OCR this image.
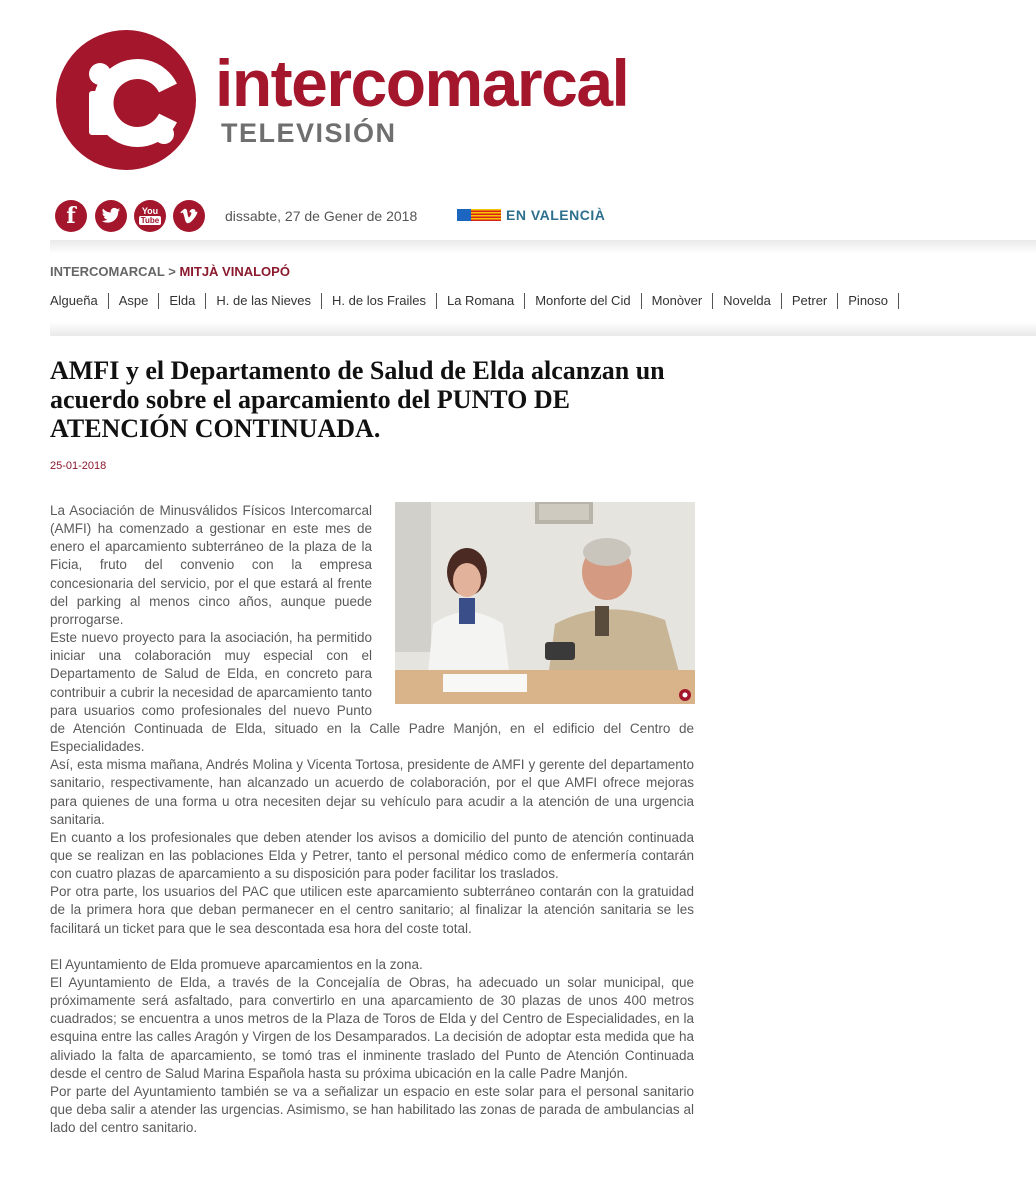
intercomarcal
TELEVISIÓN
f	You
Tube	dissabte, 27 de Gener de 2018	EN VALENCIÀ
INTERCOMARCAL > MITJÀ VINALOPÓ
Algueña	Aspe	Elda	H. de las Nieves	H. de los Frailes	La Romana	Monforte del Cid	Monòver	Novelda	Petrer	Pinoso
AMFI y el Departamento de Salud de Elda alcanzan un acuerdo sobre el aparcamiento del PUNTO DE ATENCIÓN CONTINUADA.
25-01-2018

La Asociación de Minusválidos Físicos Intercomarcal (AMFI) ha comenzado a gestionar en este mes de enero el aparcamiento subterráneo de la plaza de la Ficia, fruto del convenio con la empresa concesionaria del servicio, por el que estará al frente del parking al menos cinco años, aunque puede prorrogarse.

Este nuevo proyecto para la asociación, ha permitido iniciar una colaboración muy especial con el Departamento de Salud de Elda, en concreto para contribuir a cubrir la necesidad de aparcamiento tanto para usuarios como profesionales del nuevo Punto de Atención Continuada de Elda, situado en la Calle Padre Manjón, en el edificio del Centro de Especialidades.

Así, esta misma mañana, Andrés Molina y Vicenta Tortosa, presidente de AMFI y gerente del departamento sanitario, respectivamente, han alcanzado un acuerdo de colaboración, por el que AMFI ofrece mejoras para quienes de una forma u otra necesiten dejar su vehículo para acudir a la atención de una urgencia sanitaria.

En cuanto a los profesionales que deben atender los avisos a domicilio del punto de atención continuada que se realizan en las poblaciones Elda y Petrer, tanto el personal médico como de enfermería contarán con cuatro plazas de aparcamiento a su disposición para poder facilitar los traslados.

Por otra parte, los usuarios del PAC que utilicen este aparcamiento subterráneo contarán con la gratuidad de la primera hora que deban permanecer en el centro sanitario; al finalizar la atención sanitaria se les facilitará un ticket para que le sea descontada esa hora del coste total.

El Ayuntamiento de Elda promueve aparcamientos en la zona.

El Ayuntamiento de Elda, a través de la Concejalía de Obras, ha adecuado un solar municipal, que próximamente será asfaltado, para convertirlo en una aparcamiento de 30 plazas de unos 400 metros cuadrados; se encuentra a unos metros de la Plaza de Toros de Elda y del Centro de Especialidades, en la esquina entre las calles Aragón y Virgen de los Desamparados. La decisión de adoptar esta medida que ha aliviado la falta de aparcamiento, se tomó tras el inminente traslado del Punto de Atención Continuada desde el centro de Salud Marina Española hasta su próxima ubicación en la calle Padre Manjón.

Por parte del Ayuntamiento también se va a señalizar un espacio en este solar para el personal sanitario que deba salir a atender las urgencias. Asimismo, se han habilitado las zonas de parada de ambulancias al lado del centro sanitario.
